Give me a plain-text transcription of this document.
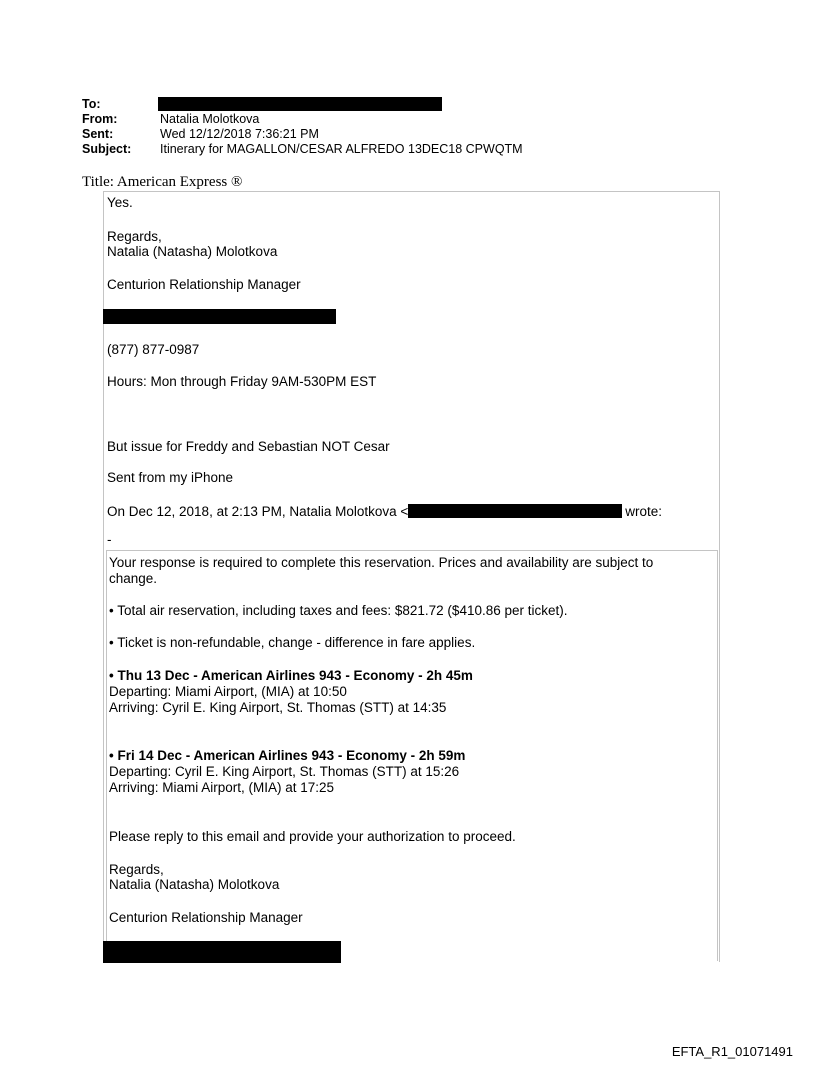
To:
From:	Natalia Molotkova
Sent:	Wed 12/12/2018 7:36:21 PM
Subject:	Itinerary for MAGALLON/CESAR ALFREDO 13DEC18 CPWQTM
Title: American Express ®
Yes.
Regards,
Natalia (Natasha) Molotkova
Centurion Relationship Manager
(877) 877-0987
Hours: Mon through Friday 9AM-530PM EST
But issue for Freddy and Sebastian NOT Cesar
Sent from my iPhone
On Dec 12, 2018, at 2:13 PM, Natalia Molotkova <	wrote:
-
Your response is required to complete this reservation. Prices and availability are subject to change.
• Total air reservation, including taxes and fees: $821.72 ($410.86 per ticket).
• Ticket is non-refundable, change - difference in fare applies.
• Thu 13 Dec - American Airlines 943 - Economy - 2h 45m
Departing: Miami Airport, (MIA) at 10:50
Arriving: Cyril E. King Airport, St. Thomas (STT) at 14:35
• Fri 14 Dec - American Airlines 943 - Economy - 2h 59m
Departing: Cyril E. King Airport, St. Thomas (STT) at 15:26
Arriving: Miami Airport, (MIA) at 17:25
Please reply to this email and provide your authorization to proceed.
Regards,
Natalia (Natasha) Molotkova
Centurion Relationship Manager
EFTA_R1_01071491
